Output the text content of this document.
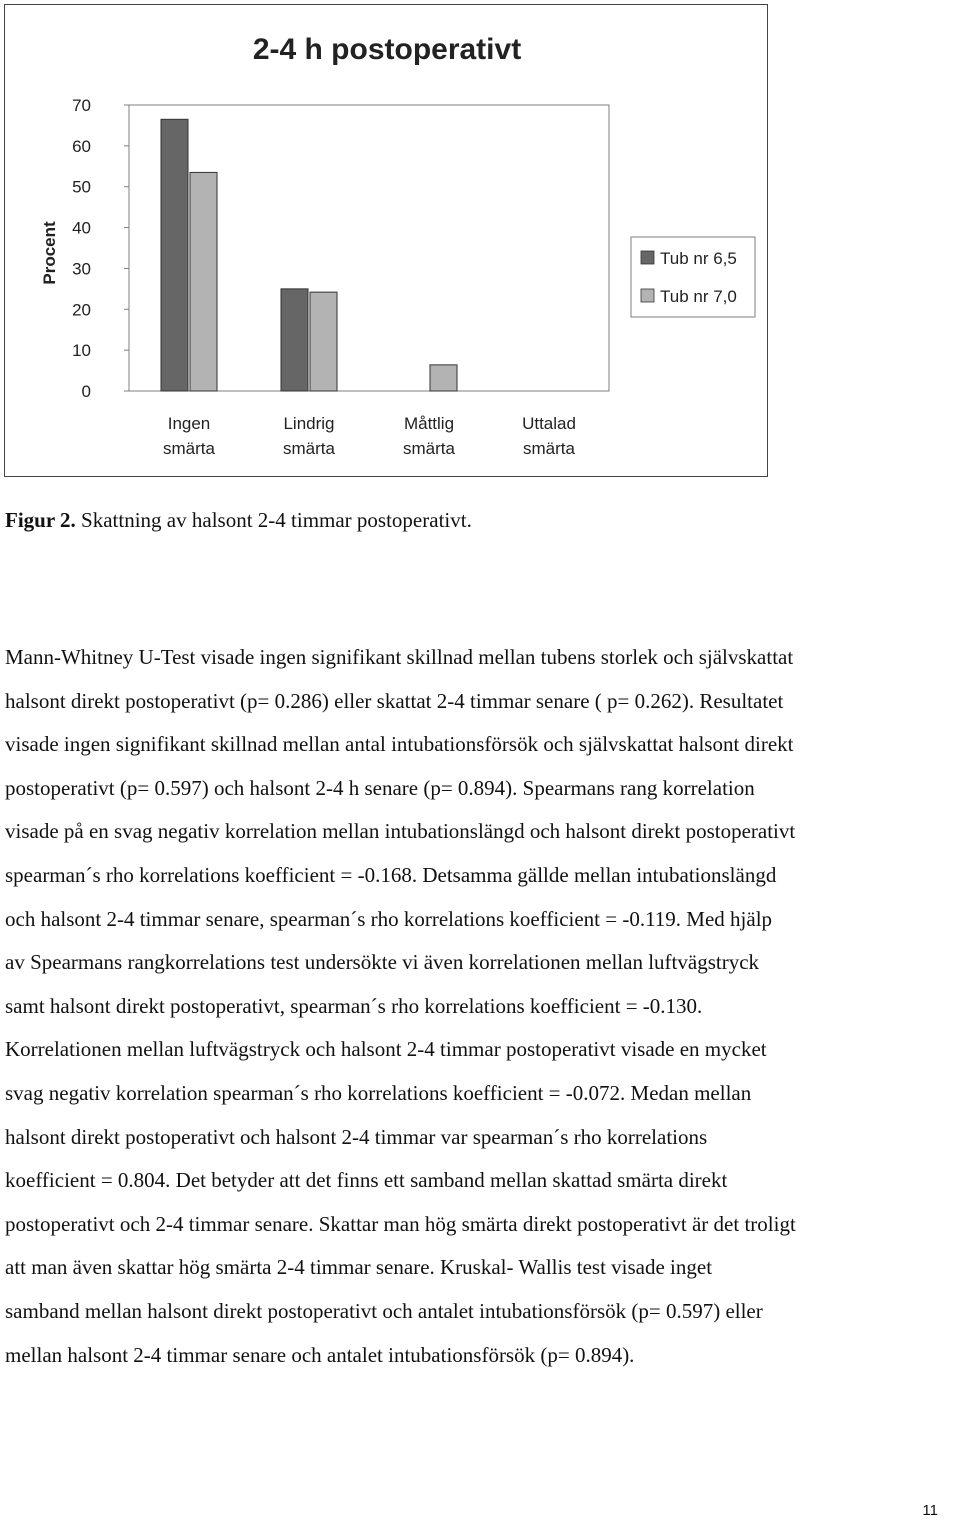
2-4 h postoperativt
Procent
0
10
20
30
40
50
60
70
Ingen
smärta
Lindrig
smärta
Måttlig
smärta
Uttalad
smärta
Tub nr 6,5
Tub nr 7,0
Figur 2. Skattning av halsont 2-4 timmar postoperativt.
Mann-Whitney U-Test visade ingen signifikant skillnad mellan tubens storlek och självskattat
halsont direkt postoperativt (p= 0.286) eller skattat 2-4 timmar senare ( p= 0.262). Resultatet
visade ingen signifikant skillnad mellan antal intubationsförsök och självskattat halsont direkt
postoperativt (p= 0.597) och halsont 2-4 h senare (p= 0.894). Spearmans rang korrelation
visade på en svag negativ korrelation mellan intubationslängd och halsont direkt postoperativt
spearman´s rho korrelations koefficient = -0.168. Detsamma gällde mellan intubationslängd
och halsont 2-4 timmar senare, spearman´s rho korrelations koefficient = -0.119. Med hjälp
av Spearmans rangkorrelations test undersökte vi även korrelationen mellan luftvägstryck
samt halsont direkt postoperativt, spearman´s rho korrelations koefficient = -0.130.
Korrelationen mellan luftvägstryck och halsont 2-4 timmar postoperativt visade en mycket
svag negativ korrelation spearman´s rho korrelations koefficient = -0.072. Medan mellan
halsont direkt postoperativt och halsont 2-4 timmar var spearman´s rho korrelations
koefficient = 0.804. Det betyder att det finns ett samband mellan skattad smärta direkt
postoperativt och 2-4 timmar senare. Skattar man hög smärta direkt postoperativt är det troligt
att man även skattar hög smärta 2-4 timmar senare. Kruskal- Wallis test visade inget
samband mellan halsont direkt postoperativt och antalet intubationsförsök (p= 0.597) eller
mellan halsont 2-4 timmar senare och antalet intubationsförsök (p= 0.894).
11
